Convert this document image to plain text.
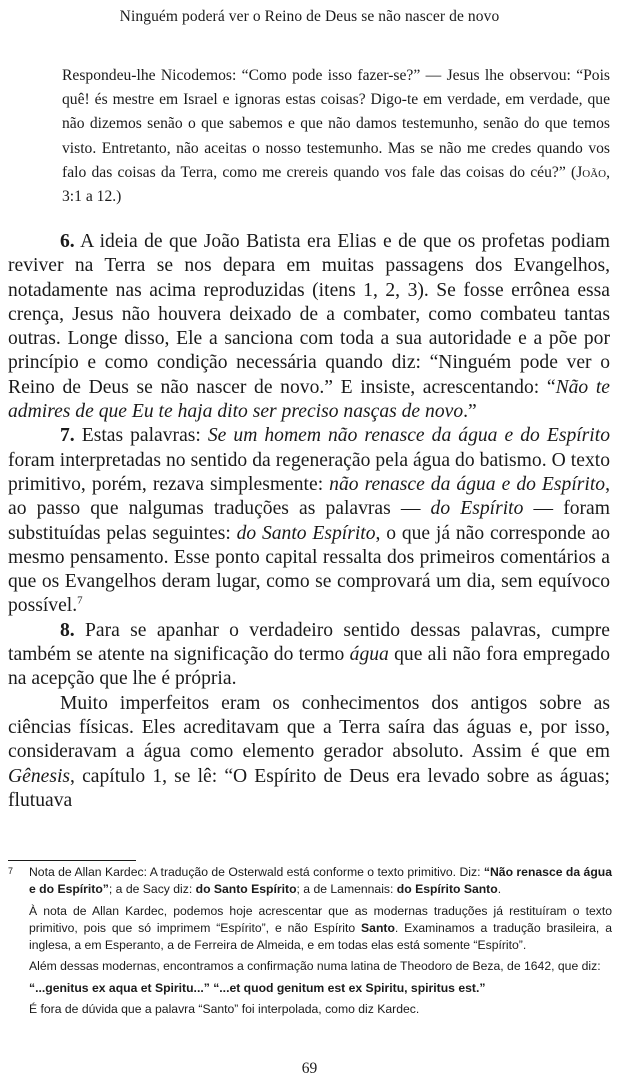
Ninguém poderá ver o Reino de Deus se não nascer de novo
Respondeu-lhe Nicodemos: “Como pode isso fazer-se?” — Jesus lhe observou: “Pois quê! és mestre em Israel e ignoras estas coisas? Digo-te em verdade, em verdade, que não dizemos senão o que sabemos e que não damos testemunho, senão do que temos visto. Entretanto, não aceitas o nosso testemunho. Mas se não me credes quando vos falo das coisas da Terra, como me crereis quando vos fale das coisas do céu?” (João, 3:1 a 12.)

6. A ideia de que João Batista era Elias e de que os profetas podiam reviver na Terra se nos depara em muitas passagens dos Evangelhos, notadamente nas acima reproduzidas (itens 1, 2, 3). Se fosse errônea essa crença, Jesus não houvera deixado de a combater, como combateu tantas outras. Longe disso, Ele a sanciona com toda a sua autoridade e a põe por princípio e como condição necessária quando diz: “Ninguém pode ver o Reino de Deus se não nascer de novo.” E insiste, acrescentando: “Não te admires de que Eu te haja dito ser preciso nasças de novo.”

7. Estas palavras: Se um homem não renasce da água e do Espírito foram interpretadas no sentido da regeneração pela água do batismo. O texto primitivo, porém, rezava simplesmente: não renasce da água e do Espírito, ao passo que nalgumas traduções as palavras — do Espírito — foram substituídas pelas seguintes: do Santo Espírito, o que já não corresponde ao mesmo pensamento. Esse ponto capital ressalta dos primeiros comentários a que os Evangelhos deram lugar, como se comprovará um dia, sem equívoco possível.$^7$

8. Para se apanhar o verdadeiro sentido dessas palavras, cumpre também se atente na significação do termo água que ali não fora empregado na acepção que lhe é própria.

Muito imperfeitos eram os conhecimentos dos antigos sobre as ciências físicas. Eles acreditavam que a Terra saíra das águas e, por isso, consideravam a água como elemento gerador absoluto. Assim é que em Gênesis, capítulo 1, se lê: “O Espírito de Deus era levado sobre as águas; flutuava

7	Nota de Allan Kardec: A tradução de Osterwald está conforme o texto primitivo. Diz: “Não renasce da água e do Espírito”; a de Sacy diz: do Santo Espírito; a de Lamennais: do Espírito Santo.

À nota de Allan Kardec, podemos hoje acrescentar que as modernas traduções já restituíram o texto primitivo, pois que só imprimem “Espírito”, e não Espírito Santo. Examinamos a tradução brasileira, a inglesa, a em Esperanto, a de Ferreira de Almeida, e em todas elas está somente “Espírito”.

Além dessas modernas, encontramos a confirmação numa latina de Theodoro de Beza, de 1642, que diz:

“...genitus ex aqua et Spiritu...” “...et quod genitum est ex Spiritu, spiritus est.”

É fora de dúvida que a palavra “Santo” foi interpolada, como diz Kardec.

69
